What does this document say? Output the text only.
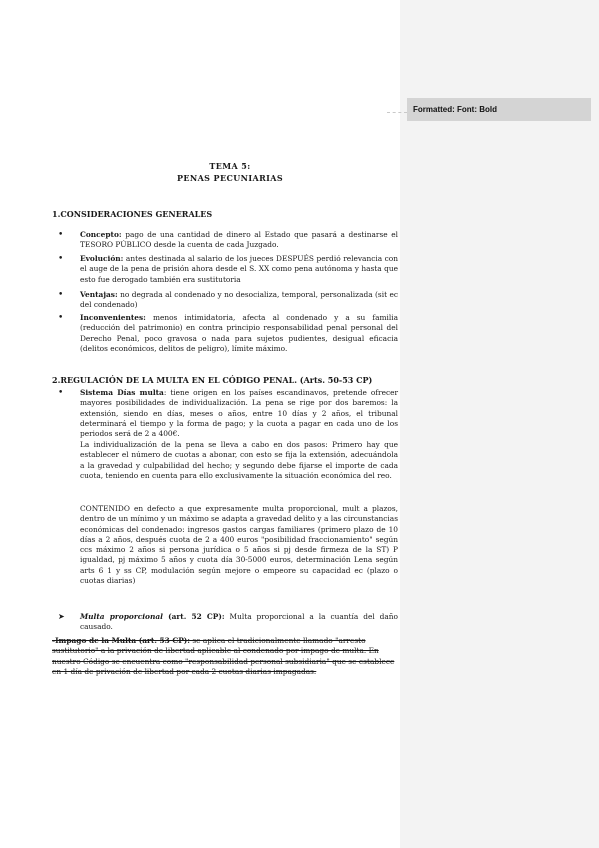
Formatted: Font: Bold
TEMA 5:
PENAS PECUNIARIAS
1.CONSIDERACIONES GENERALES
• Concepto: pago de una cantidad de dinero al Estado que pasará a destinarse el TESORO PÚBLICO desde la cuenta de cada Juzgado.
• Evolución: antes destinada al salario de los jueces DESPUÉS perdió relevancia con el auge de la pena de prisión ahora desde el S. XX como pena autónoma y hasta que esto fue derogado también era sustitutoria
• Ventajas: no degrada al condenado y no desocializa, temporal, personalizada (sit ec del condenado)
• Inconvenientes: menos intimidatoria, afecta al condenado y a su familia (reducción del patrimonio) en contra principio responsabilidad penal personal del Derecho Penal, poco gravosa o nada para sujetos pudientes, desigual eficacia (delitos económicos, delitos de peligro), límite máximo.
2.REGULACIÓN DE LA MULTA EN EL CÓDIGO PENAL. (Arts. 50-53 CP)
• Sistema Días multa: tiene origen en los países escandinavos, pretende ofrecer mayores posibilidades de individualización. La pena se rige por dos baremos: la extensión, siendo en días, meses o años, entre 10 días y 2 años, el tribunal determinará el tiempo y la forma de pago; y la cuota a pagar en cada uno de los periodos será de 2 a 400€.
La individualización de la pena se lleva a cabo en dos pasos: Primero hay que establecer el número de cuotas a abonar, con esto se fija la extensión, adecuándola a la gravedad y culpabilidad del hecho; y segundo debe fijarse el importe de cada cuota, teniendo en cuenta para ello exclusivamente la situación económica del reo.
CONTENIDO en defecto a que expresamente multa proporcional, mult a plazos, dentro de un mínimo y un máximo se adapta a gravedad delito y a las circunstancias económicas del condenado: ingresos gastos cargas familiares (primero plazo de 10 días a 2 años, después cuota de 2 a 400 euros "posibilidad fraccionamiento" según ccs máximo 2 años si persona jurídica o 5 años si pj desde firmeza de la ST) P igualdad, pj máximo 5 años y cuota día 30-5000 euros, determinación Lena según arts 6 1 y ss CP, modulación según mejore o empeore su capacidad ec (plazo o cuotas diarias)
➤ Multa proporcional (art. 52 CP): Multa proporcional a la cuantía del daño causado.
-Impago de la Multa (art. 53 CP): se aplica el tradicionalmente llamado "arresto sustitutorio" a la privación de libertad aplicable al condenado por impago de multa. En nuestro Código se encuentra como "responsabilidad personal subsidiaria" que se establece en 1 día de privación de libertad por cada 2 cuotas diarias impagadas.
